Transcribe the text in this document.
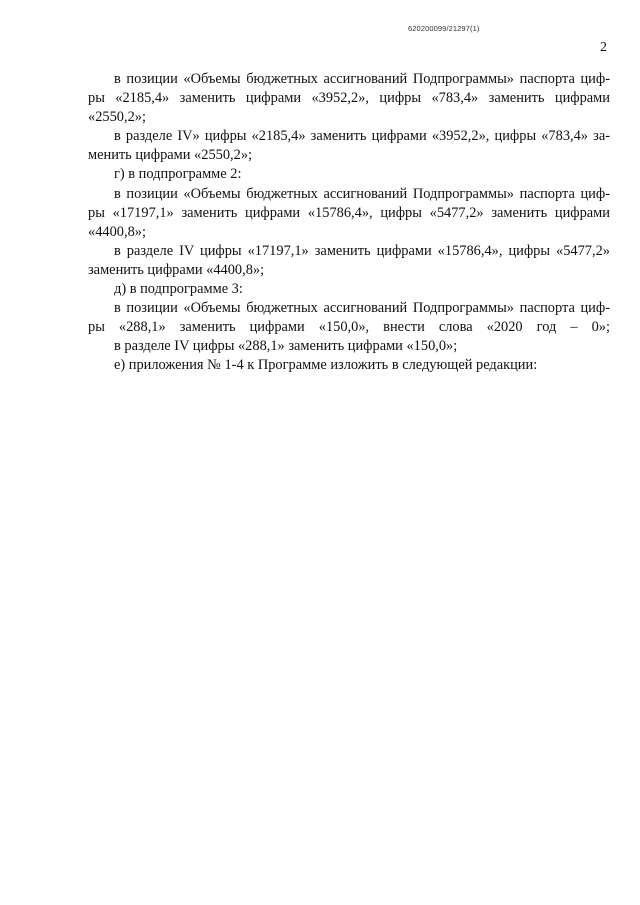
620200099/21297(1)
2

в позиции «Объемы бюджетных ассигнований Подпрограммы» паспорта циф-

ры «2185,4» заменить цифрами «3952,2», цифры «783,4» заменить цифрами

«2550,2»;

в разделе IV» цифры «2185,4» заменить цифрами «3952,2», цифры «783,4» за-

менить цифрами «2550,2»;

г) в подпрограмме 2:

в позиции «Объемы бюджетных ассигнований Подпрограммы» паспорта циф-

ры «17197,1» заменить цифрами «15786,4», цифры «5477,2» заменить цифрами

«4400,8»;

в разделе IV цифры «17197,1» заменить цифрами «15786,4», цифры «5477,2»

заменить цифрами «4400,8»;

д) в подпрограмме 3:

в позиции «Объемы бюджетных ассигнований Подпрограммы» паспорта циф-

ры «288,1» заменить цифрами «150,0», внести слова «2020 год – 0»;

в разделе IV цифры «288,1» заменить цифрами «150,0»;

е) приложения № 1-4 к Программе изложить в следующей редакции:
